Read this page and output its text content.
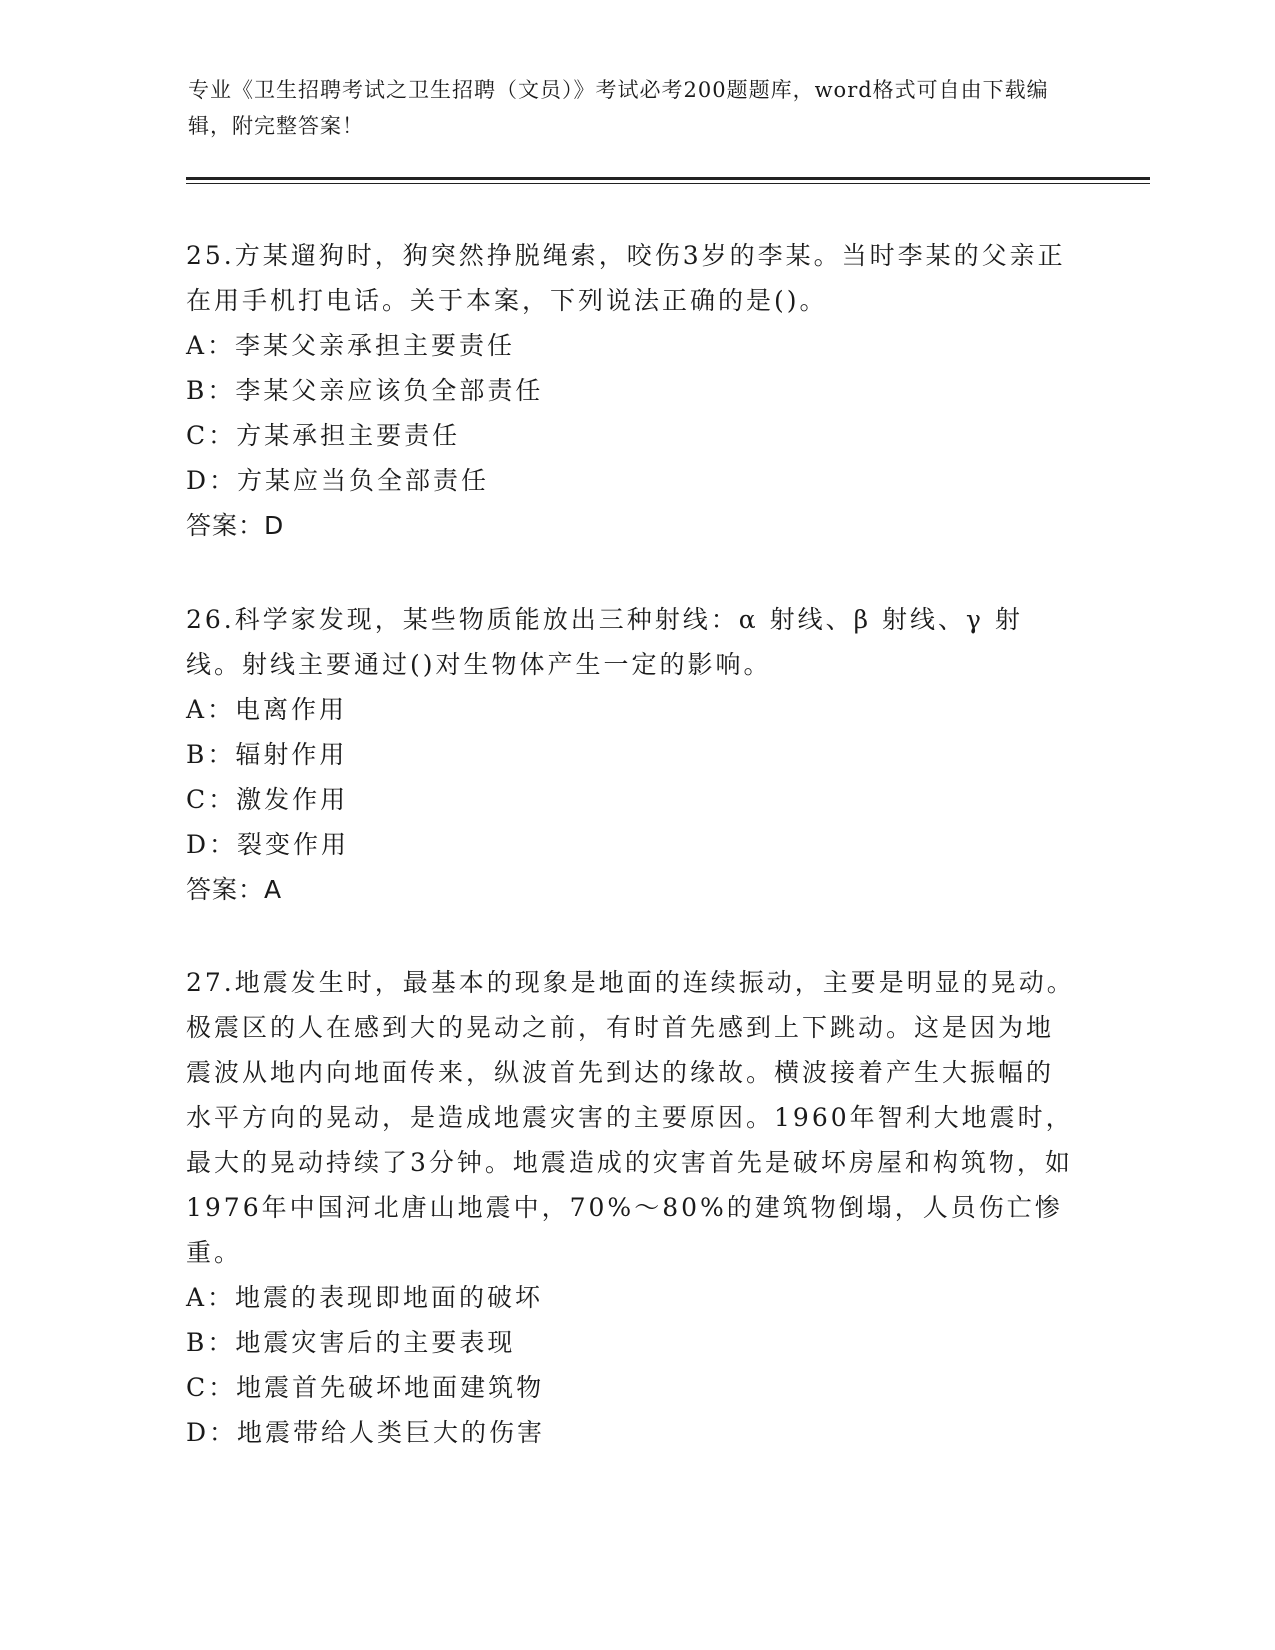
专业《卫生招聘考试之卫生招聘（文员）》考试必考200题题库，word格式可自由下载编辑，附完整答案！

25.方某遛狗时，狗突然挣脱绳索，咬伤3岁的李某。当时李某的父亲正在用手机打电话。关于本案，下列说法正确的是()。

A：李某父亲承担主要责任

B：李某父亲应该负全部责任

C：方某承担主要责任

D：方某应当负全部责任

答案：D

26.科学家发现，某些物质能放出三种射线：α 射线、β 射线、γ 射线。射线主要通过()对生物体产生一定的影响。

A：电离作用

B：辐射作用

C：激发作用

D：裂变作用

答案：A

27.地震发生时，最基本的现象是地面的连续振动，主要是明显的晃动。极震区的人在感到大的晃动之前，有时首先感到上下跳动。这是因为地震波从地内向地面传来，纵波首先到达的缘故。横波接着产生大振幅的水平方向的晃动，是造成地震灾害的主要原因。1960年智利大地震时，最大的晃动持续了3分钟。地震造成的灾害首先是破坏房屋和构筑物，如1976年中国河北唐山地震中，70%～80%的建筑物倒塌，人员伤亡惨重。

A：地震的表现即地面的破坏

B：地震灾害后的主要表现

C：地震首先破坏地面建筑物

D：地震带给人类巨大的伤害
